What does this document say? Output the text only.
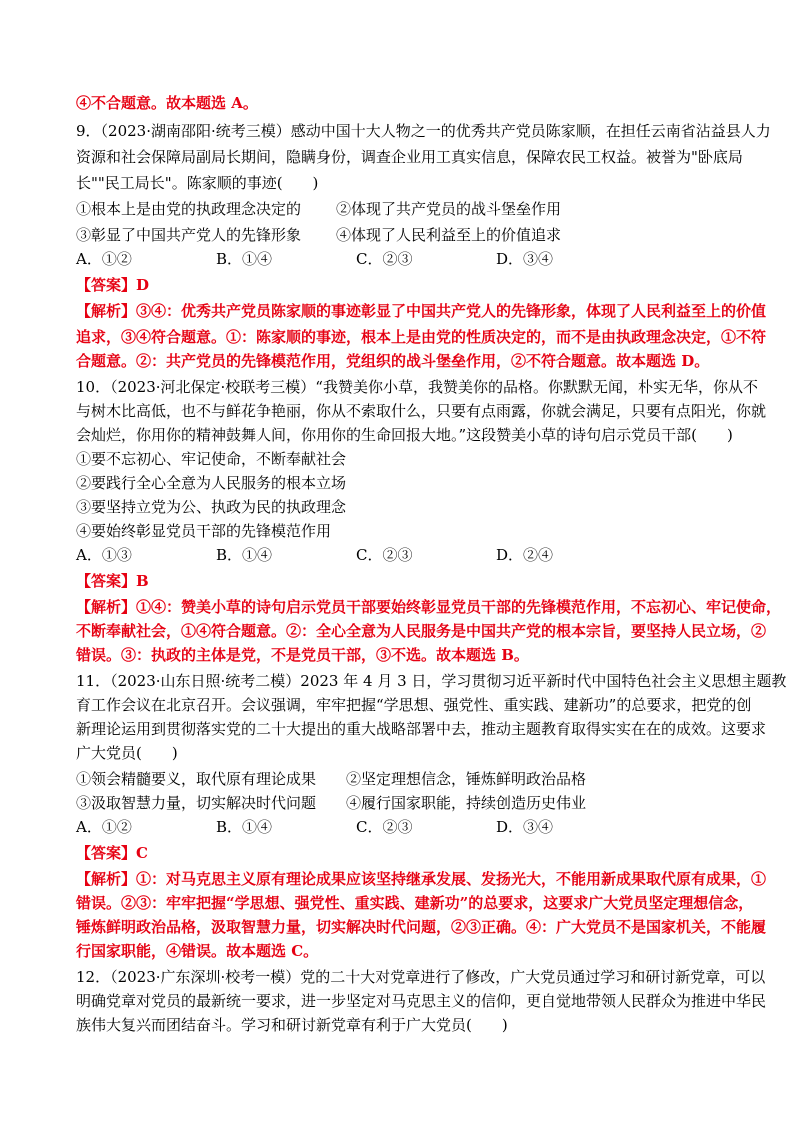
④不合题意。故本题选 A。
9．（2023·湖南邵阳·统考三模）感动中国十大人物之一的优秀共产党员陈家顺，在担任云南省沾益县人力
资源和社会保障局副局长期间，隐瞒身份，调查企业用工真实信息，保障农民工权益。被誉为"卧底局
长""民工局长"。陈家顺的事迹(　　)
①根本上是由党的执政理念决定的 ②体现了共产党员的战斗堡垒作用
③彰显了中国共产党人的先锋形象 ④体现了人民利益至上的价值追求
A．①②	B．①④	C．②③	D．③④
【答案】D
【解析】③④：优秀共产党员陈家顺的事迹彰显了中国共产党人的先锋形象，体现了人民利益至上的价值
追求，③④符合题意。①：陈家顺的事迹，根本上是由党的性质决定的，而不是由执政理念决定，①不符
合题意。②：共产党员的先锋模范作用，党组织的战斗堡垒作用，②不符合题意。故本题选 D。
10．（2023·河北保定·校联考三模）“我赞美你小草，我赞美你的品格。你默默无闻，朴实无华，你从不
与树木比高低，也不与鲜花争艳丽，你从不索取什么，只要有点雨露，你就会满足，只要有点阳光，你就
会灿烂，你用你的精神鼓舞人间，你用你的生命回报大地。”这段赞美小草的诗句启示党员干部(　　)
①要不忘初心、牢记使命，不断奉献社会
②要践行全心全意为人民服务的根本立场
③要坚持立党为公、执政为民的执政理念
④要始终彰显党员干部的先锋模范作用
A．①③	B．①④	C．②③	D．②④
【答案】B
【解析】①④：赞美小草的诗句启示党员干部要始终彰显党员干部的先锋模范作用，不忘初心、牢记使命，
不断奉献社会，①④符合题意。②：全心全意为人民服务是中国共产党的根本宗旨，要坚持人民立场，②
错误。③：执政的主体是党，不是党员干部，③不选。故本题选 B。
11．（2023·山东日照·统考二模）2023 年 4 月 3 日，学习贯彻习近平新时代中国特色社会主义思想主题教
育工作会议在北京召开。会议强调，牢牢把握“学思想、强党性、重实践、建新功”的总要求，把党的创
新理论运用到贯彻落实党的二十大提出的重大战略部署中去，推动主题教育取得实实在在的成效。这要求
广大党员(　　)
①领会精髓要义，取代原有理论成果 ②坚定理想信念，锤炼鲜明政治品格
③汲取智慧力量，切实解决时代问题 ④履行国家职能，持续创造历史伟业
A．①②	B．①④	C．②③	D．③④
【答案】C
【解析】①：对马克思主义原有理论成果应该坚持继承发展、发扬光大，不能用新成果取代原有成果，①
错误。②③：牢牢把握“学思想、强党性、重实践、建新功”的总要求，这要求广大党员坚定理想信念，
锤炼鲜明政治品格，汲取智慧力量，切实解决时代问题，②③正确。④：广大党员不是国家机关，不能履
行国家职能，④错误。故本题选 C。
12．（2023·广东深圳·校考一模）党的二十大对党章进行了修改，广大党员通过学习和研讨新党章，可以
明确党章对党员的最新统一要求，进一步坚定对马克思主义的信仰，更自觉地带领人民群众为推进中华民
族伟大复兴而团结奋斗。学习和研讨新党章有利于广大党员(　　)
